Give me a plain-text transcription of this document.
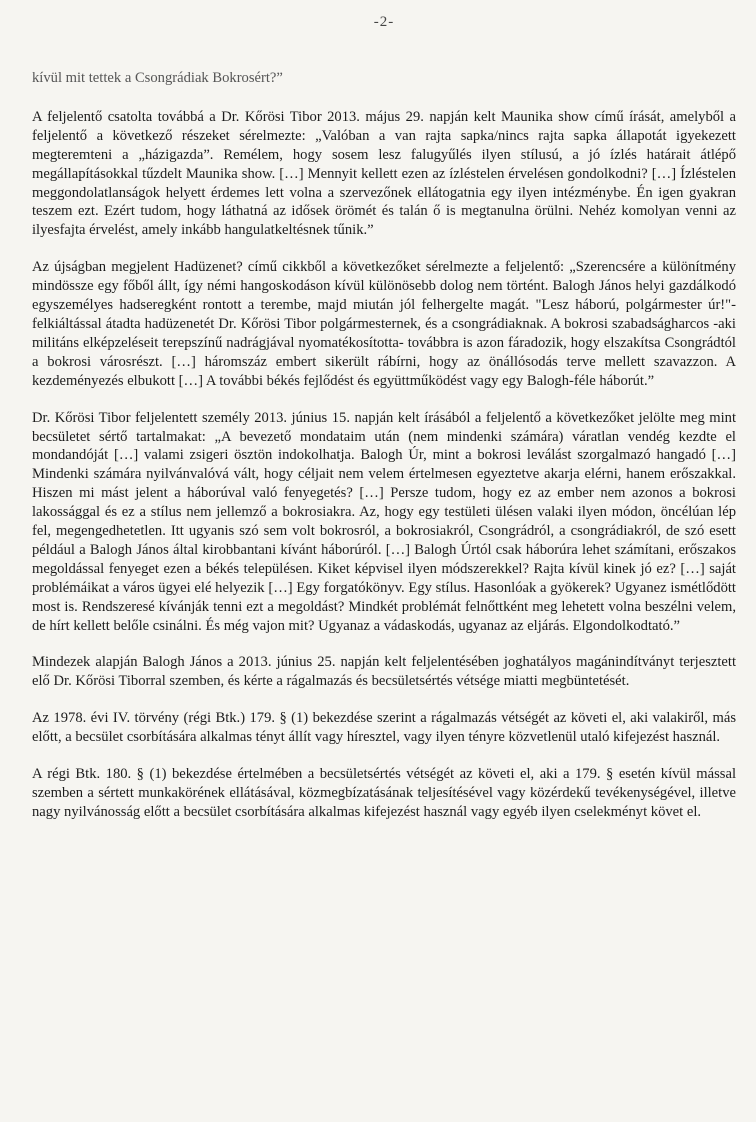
-2-

kívül mit tettek a Csongrádiak Bokrosért?”

A feljelentő csatolta továbbá a Dr. Kőrösi Tibor 2013. május 29. napján kelt Maunika show című írását, amelyből a feljelentő a következő részeket sérelmezte: „Valóban a van rajta sapka/nincs rajta sapka állapotát igyekezett megteremteni a „házigazda”. Remélem, hogy sosem lesz falugyűlés ilyen stílusú, a jó ízlés határait átlépő megállapításokkal tűzdelt Maunika show. […] Mennyit kellett ezen az ízléstelen érvelésen gondolkodni? […] Ízléstelen meggondolatlanságok helyett érdemes lett volna a szervezőnek ellátogatnia egy ilyen intézménybe. Én igen gyakran teszem ezt. Ezért tudom, hogy láthatná az idősek örömét és talán ő is megtanulna örülni. Nehéz komolyan venni az ilyesfajta érvelést, amely inkább hangulatkeltésnek tűnik.”

Az újságban megjelent Hadüzenet? című cikkből a következőket sérelmezte a feljelentő: „Szerencsére a különítmény mindössze egy főből állt, így némi hangoskodáson kívül különösebb dolog nem történt. Balogh János helyi gazdálkodó egyszemélyes hadseregként rontott a terembe, majd miután jól felhergelte magát. "Lesz háború, polgármester úr!"-felkiáltással átadta hadüzenetét Dr. Kőrösi Tibor polgármesternek, és a csongrádiaknak. A bokrosi szabadságharcos -aki militáns elképzeléseit terepszínű nadrágjával nyomatékosította- továbbra is azon fáradozik, hogy elszakítsa Csongrádtól a bokrosi városrészt. […] háromszáz embert sikerült rábírni, hogy az önállósodás terve mellett szavazzon. A kezdeményezés elbukott […] A további békés fejlődést és együttműködést vagy egy Balogh-féle háborút.”

Dr. Kőrösi Tibor feljelentett személy 2013. június 15. napján kelt írásából a feljelentő a következőket jelölte meg mint becsületet sértő tartalmakat: „A bevezető mondataim után (nem mindenki számára) váratlan vendég kezdte el mondandóját […] valami zsigeri ösztön indokolhatja. Balogh Úr, mint a bokrosi leválást szorgalmazó hangadó […] Mindenki számára nyilvánvalóvá vált, hogy céljait nem velem értelmesen egyeztetve akarja elérni, hanem erőszakkal. Hiszen mi mást jelent a háborúval való fenyegetés? […] Persze tudom, hogy ez az ember nem azonos a bokrosi lakossággal és ez a stílus nem jellemző a bokrosiakra. Az, hogy egy testületi ülésen valaki ilyen módon, öncélúan lép fel, megengedhetetlen. Itt ugyanis szó sem volt bokrosról, a bokrosiakról, Csongrádról, a csongrádiakról, de szó esett például a Balogh János által kirobbantani kívánt háborúról. […] Balogh Úrtól csak háborúra lehet számítani, erőszakos megoldással fenyeget ezen a békés településen. Kiket képvisel ilyen módszerekkel? Rajta kívül kinek jó ez? […] saját problémáikat a város ügyei elé helyezik […] Egy forgatókönyv. Egy stílus. Hasonlóak a gyökerek? Ugyanez ismétlődött most is. Rendszeresé kívánják tenni ezt a megoldást? Mindkét problémát felnőttként meg lehetett volna beszélni velem, de hírt kellett belőle csinálni. És még vajon mit? Ugyanaz a vádaskodás, ugyanaz az eljárás. Elgondolkodtató.”

Mindezek alapján Balogh János a 2013. június 25. napján kelt feljelentésében joghatályos magánindítványt terjesztett elő Dr. Kőrösi Tiborral szemben, és kérte a rágalmazás és becsületsértés vétsége miatti megbüntetését.

Az 1978. évi IV. törvény (régi Btk.) 179. § (1) bekezdése szerint a rágalmazás vétségét az követi el, aki valakiről, más előtt, a becsület csorbítására alkalmas tényt állít vagy híresztel, vagy ilyen tényre közvetlenül utaló kifejezést használ.

A régi Btk. 180. § (1) bekezdése értelmében a becsületsértés vétségét az követi el, aki a 179. § esetén kívül mással szemben a sértett munkakörének ellátásával, közmegbízatásának teljesítésével vagy közérdekű tevékenységével, illetve nagy nyilvánosság előtt a becsület csorbítására alkalmas kifejezést használ vagy egyéb ilyen cselekményt követ el.
